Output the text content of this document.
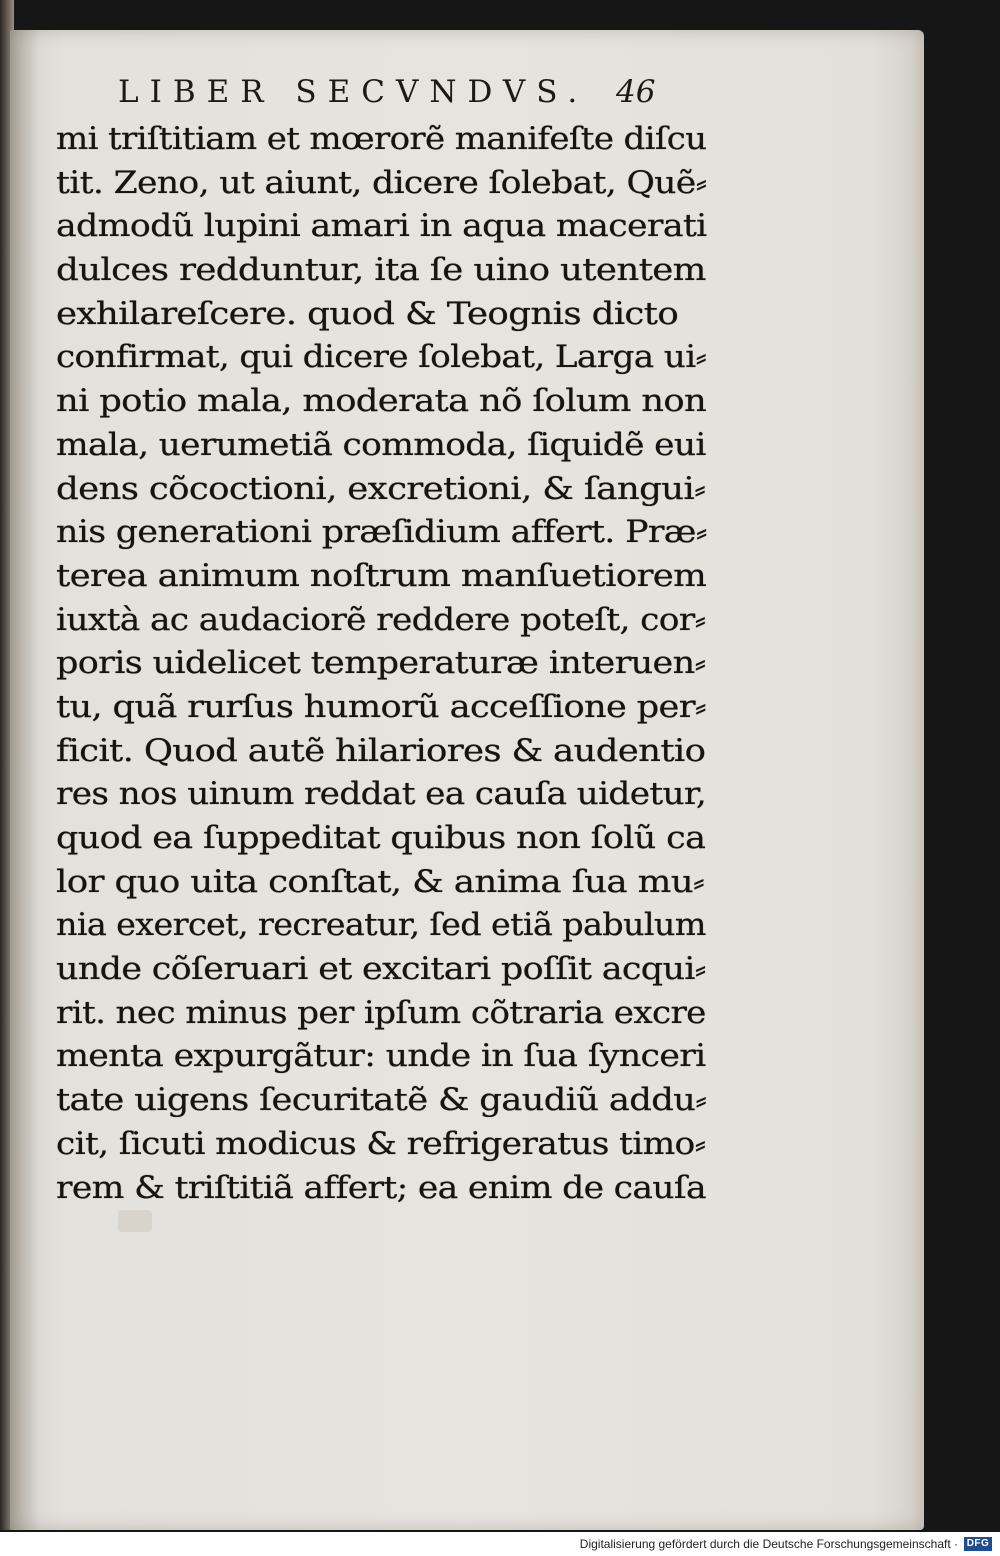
LIBER SECVNDVS. 46
mi triſtitiam et mœrorẽ manifeſte diſcu
tit. Zeno, ut aiunt, dicere ſolebat, Quẽ⸗
admodũ lupini amari in aqua macerati
dulces redduntur, ita ſe uino utentem
exhilareſcere. quod & Teognis dicto
confirmat, qui dicere ſolebat, Larga ui⸗
ni potio mala, moderata nõ ſolum non
mala, uerumetiã commoda, ſiquidẽ eui
dens cõcoctioni, excretioni, & ſangui⸗
nis generationi præſidium affert. Præ⸗
terea animum noſtrum manſuetiorem
iuxtà ac audaciorẽ reddere poteſt, cor⸗
poris uidelicet temperaturæ interuen⸗
tu, quã rurſus humorũ acceſſione per⸗
ficit. Quod autẽ hilariores & audentio
res nos uinum reddat ea cauſa uidetur,
quod ea ſuppeditat quibus non ſolũ ca
lor quo uita conſtat, & anima ſua mu⸗
nia exercet, recreatur, ſed etiã pabulum
unde cõſeruari et excitari poſſit acqui⸗
rit. nec minus per ipſum cõtraria excre
menta expurgãtur: unde in ſua ſynceri
tate uigens ſecuritatẽ & gaudiũ addu⸗
cit, ſicuti modicus & refrigeratus timo⸗
rem & triſtitiã affert; ea enim de cauſa
Digitalisierung gefördert durch die Deutsche Forschungsgemeinschaft · DFG
